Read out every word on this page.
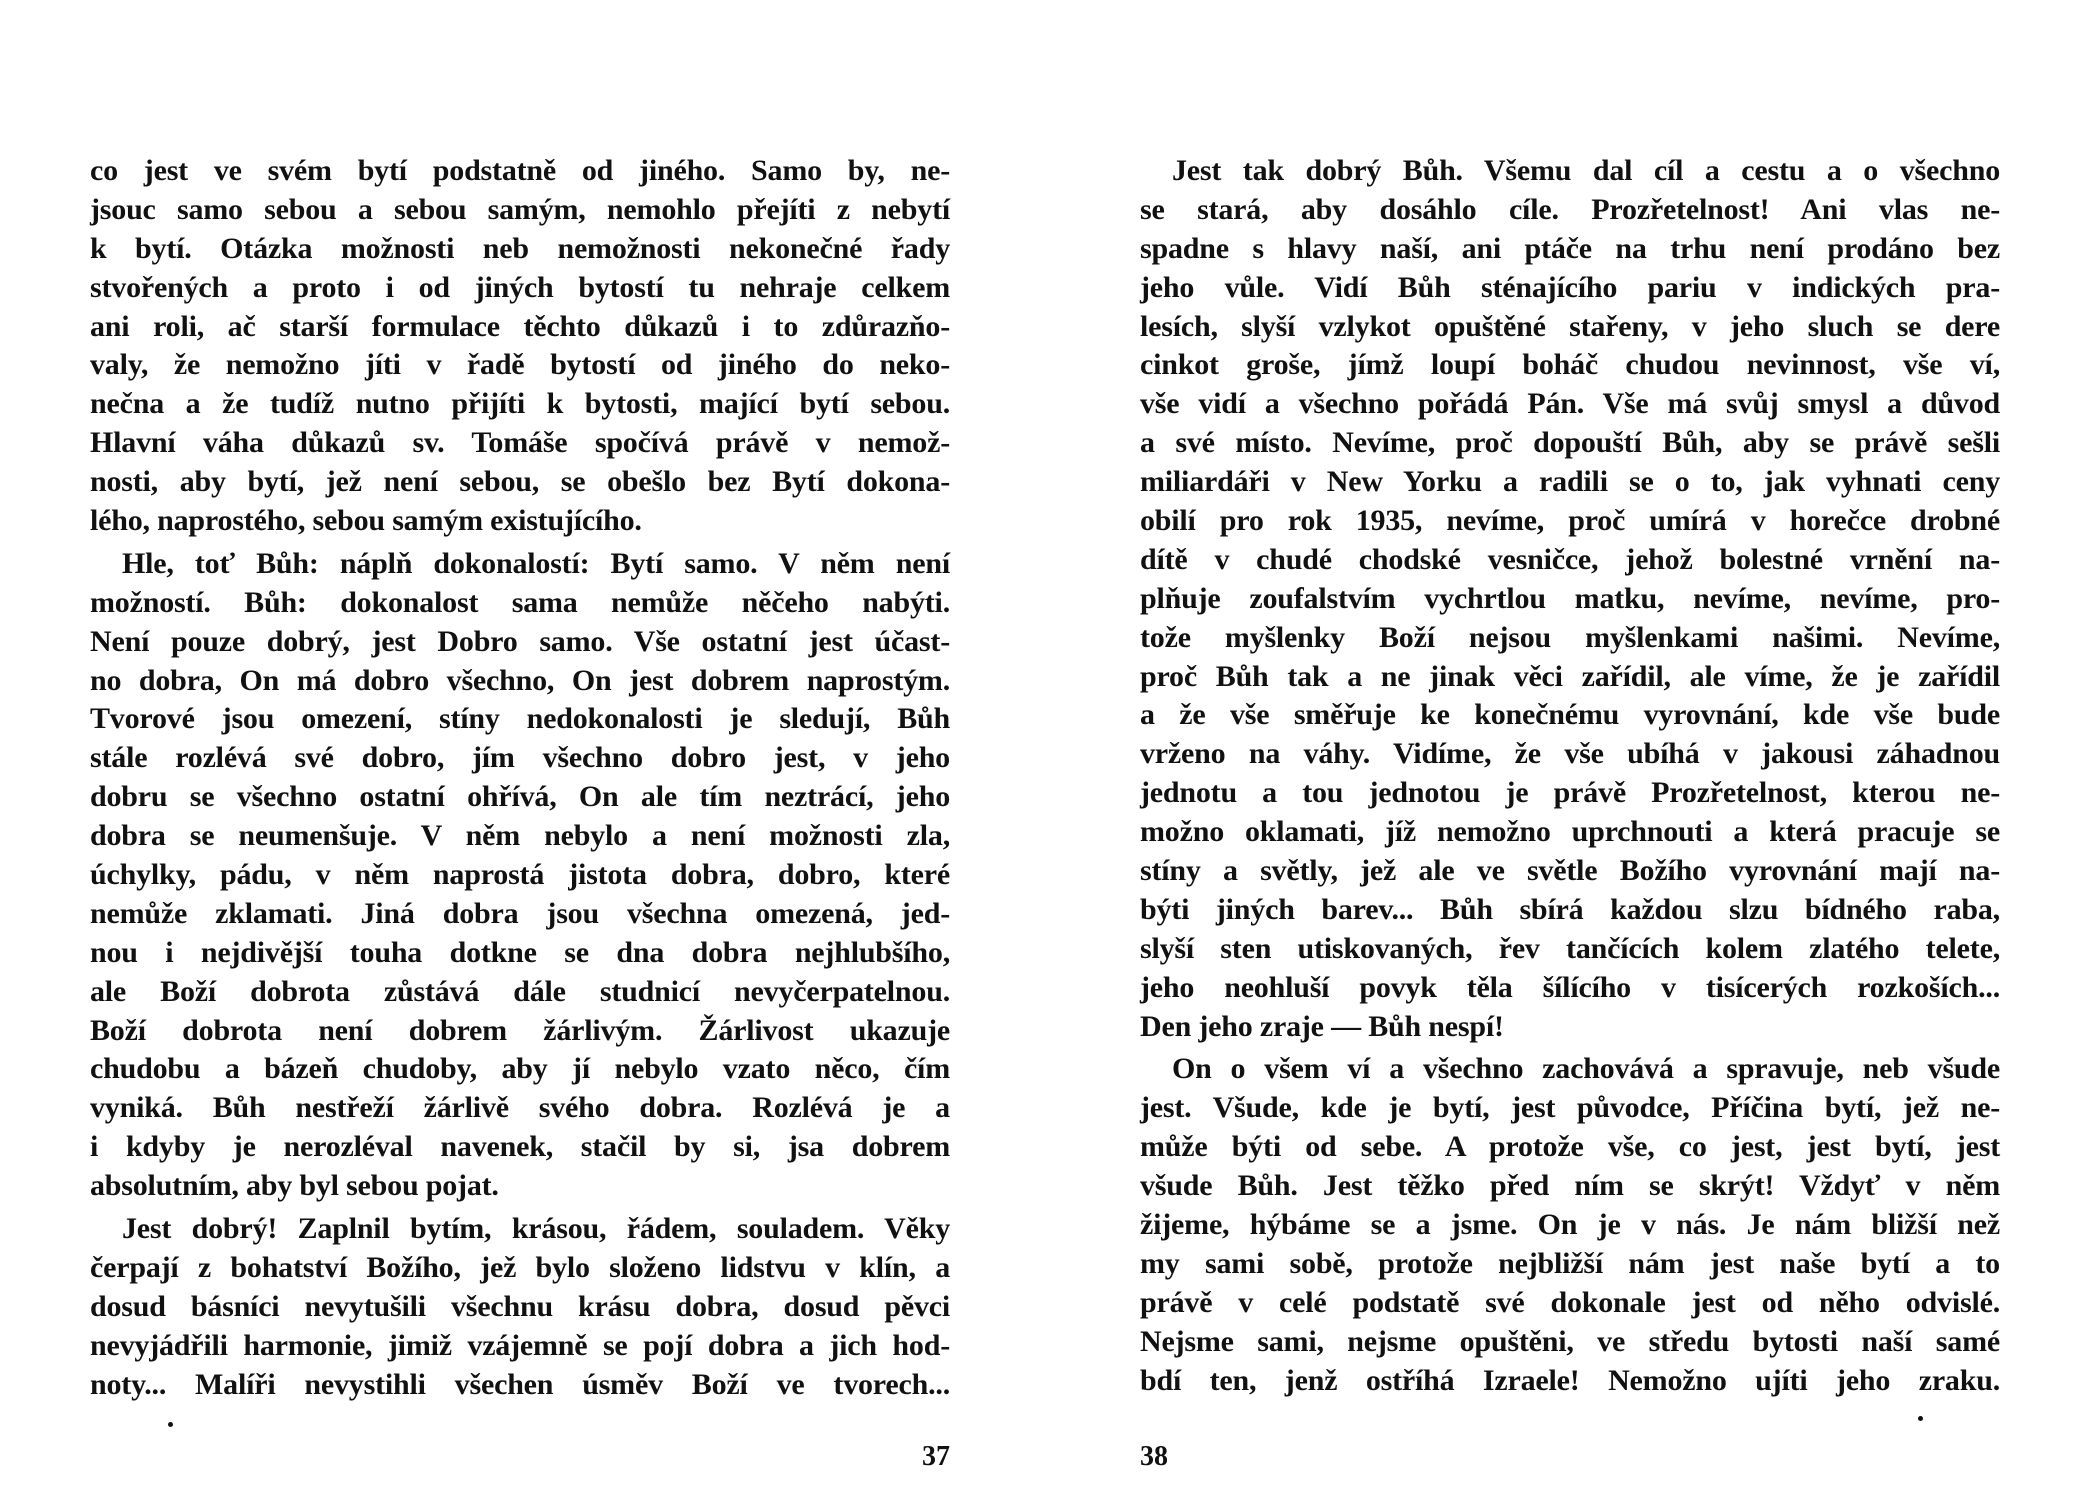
co jest ve svém bytí podstatně od jiného. Samo by, ne-
jsouc samo sebou a sebou samým, nemohlo přejíti z nebytí
k bytí. Otázka možnosti neb nemožnosti nekonečné řady
stvořených a proto i od jiných bytostí tu nehraje celkem
ani roli, ač starší formulace těchto důkazů i to zdůrazňo-
valy, že nemožno jíti v řadě bytostí od jiného do neko-
nečna a že tudíž nutno přijíti k bytosti, mající bytí sebou.
Hlavní váha důkazů sv. Tomáše spočívá právě v nemož-
nosti, aby bytí, jež není sebou, se obešlo bez Bytí dokona-
lého, naprostého, sebou samým existujícího.
Hle, toť Bůh: náplň dokonalostí: Bytí samo. V něm není
možností. Bůh: dokonalost sama nemůže něčeho nabýti.
Není pouze dobrý, jest Dobro samo. Vše ostatní jest účast-
no dobra, On má dobro všechno, On jest dobrem naprostým.
Tvorové jsou omezení, stíny nedokonalosti je sledují, Bůh
stále rozlévá své dobro, jím všechno dobro jest, v jeho
dobru se všechno ostatní ohřívá, On ale tím neztrácí, jeho
dobra se neumenšuje. V něm nebylo a není možnosti zla,
úchylky, pádu, v něm naprostá jistota dobra, dobro, které
nemůže zklamati. Jiná dobra jsou všechna omezená, jed-
nou i nejdivější touha dotkne se dna dobra nejhlubšího,
ale Boží dobrota zůstává dále studnicí nevyčerpatelnou.
Boží dobrota není dobrem žárlivým. Žárlivost ukazuje
chudobu a bázeň chudoby, aby jí nebylo vzato něco, čím
vyniká. Bůh nestřeží žárlivě svého dobra. Rozlévá je a
i kdyby je nerozléval navenek, stačil by si, jsa dobrem
absolutním, aby byl sebou pojat.
Jest dobrý! Zaplnil bytím, krásou, řádem, souladem. Věky
čerpají z bohatství Božího, jež bylo složeno lidstvu v klín, a
dosud básníci nevytušili všechnu krásu dobra, dosud pěvci
nevyjádřili harmonie, jimiž vzájemně se pojí dobra a jich hod-
noty... Malíři nevystihli všechen úsměv Boží ve tvorech...
37
Jest tak dobrý Bůh. Všemu dal cíl a cestu a o všechno
se stará, aby dosáhlo cíle. Prozřetelnost! Ani vlas ne-
spadne s hlavy naší, ani ptáče na trhu není prodáno bez
jeho vůle. Vidí Bůh sténajícího pariu v indických pra-
lesích, slyší vzlykot opuštěné stařeny, v jeho sluch se dere
cinkot groše, jímž loupí boháč chudou nevinnost, vše ví,
vše vidí a všechno pořádá Pán. Vše má svůj smysl a důvod
a své místo. Nevíme, proč dopouští Bůh, aby se právě sešli
miliardáři v New Yorku a radili se o to, jak vyhnati ceny
obilí pro rok 1935, nevíme, proč umírá v horečce drobné
dítě v chudé chodské vesničce, jehož bolestné vrnění na-
plňuje zoufalstvím vychrtlou matku, nevíme, nevíme, pro-
tože myšlenky Boží nejsou myšlenkami našimi. Nevíme,
proč Bůh tak a ne jinak věci zařídil, ale víme, že je zařídil
a že vše směřuje ke konečnému vyrovnání, kde vše bude
vrženo na váhy. Vidíme, že vše ubíhá v jakousi záhadnou
jednotu a tou jednotou je právě Prozřetelnost, kterou ne-
možno oklamati, jíž nemožno uprchnouti a která pracuje se
stíny a světly, jež ale ve světle Božího vyrovnání mají na-
býti jiných barev... Bůh sbírá každou slzu bídného raba,
slyší sten utiskovaných, řev tančících kolem zlatého telete,
jeho neohluší povyk těla šílícího v tisícerých rozkoších...
Den jeho zraje — Bůh nespí!
On o všem ví a všechno zachovává a spravuje, neb všude
jest. Všude, kde je bytí, jest původce, Příčina bytí, jež ne-
může býti od sebe. A protože vše, co jest, jest bytí, jest
všude Bůh. Jest těžko před ním se skrýt! Vždyť v něm
žijeme, hýbáme se a jsme. On je v nás. Je nám bližší než
my sami sobě, protože nejbližší nám jest naše bytí a to
právě v celé podstatě své dokonale jest od něho odvislé.
Nejsme sami, nejsme opuštěni, ve středu bytosti naší samé
bdí ten, jenž ostříhá Izraele! Nemožno ujíti jeho zraku.
38
